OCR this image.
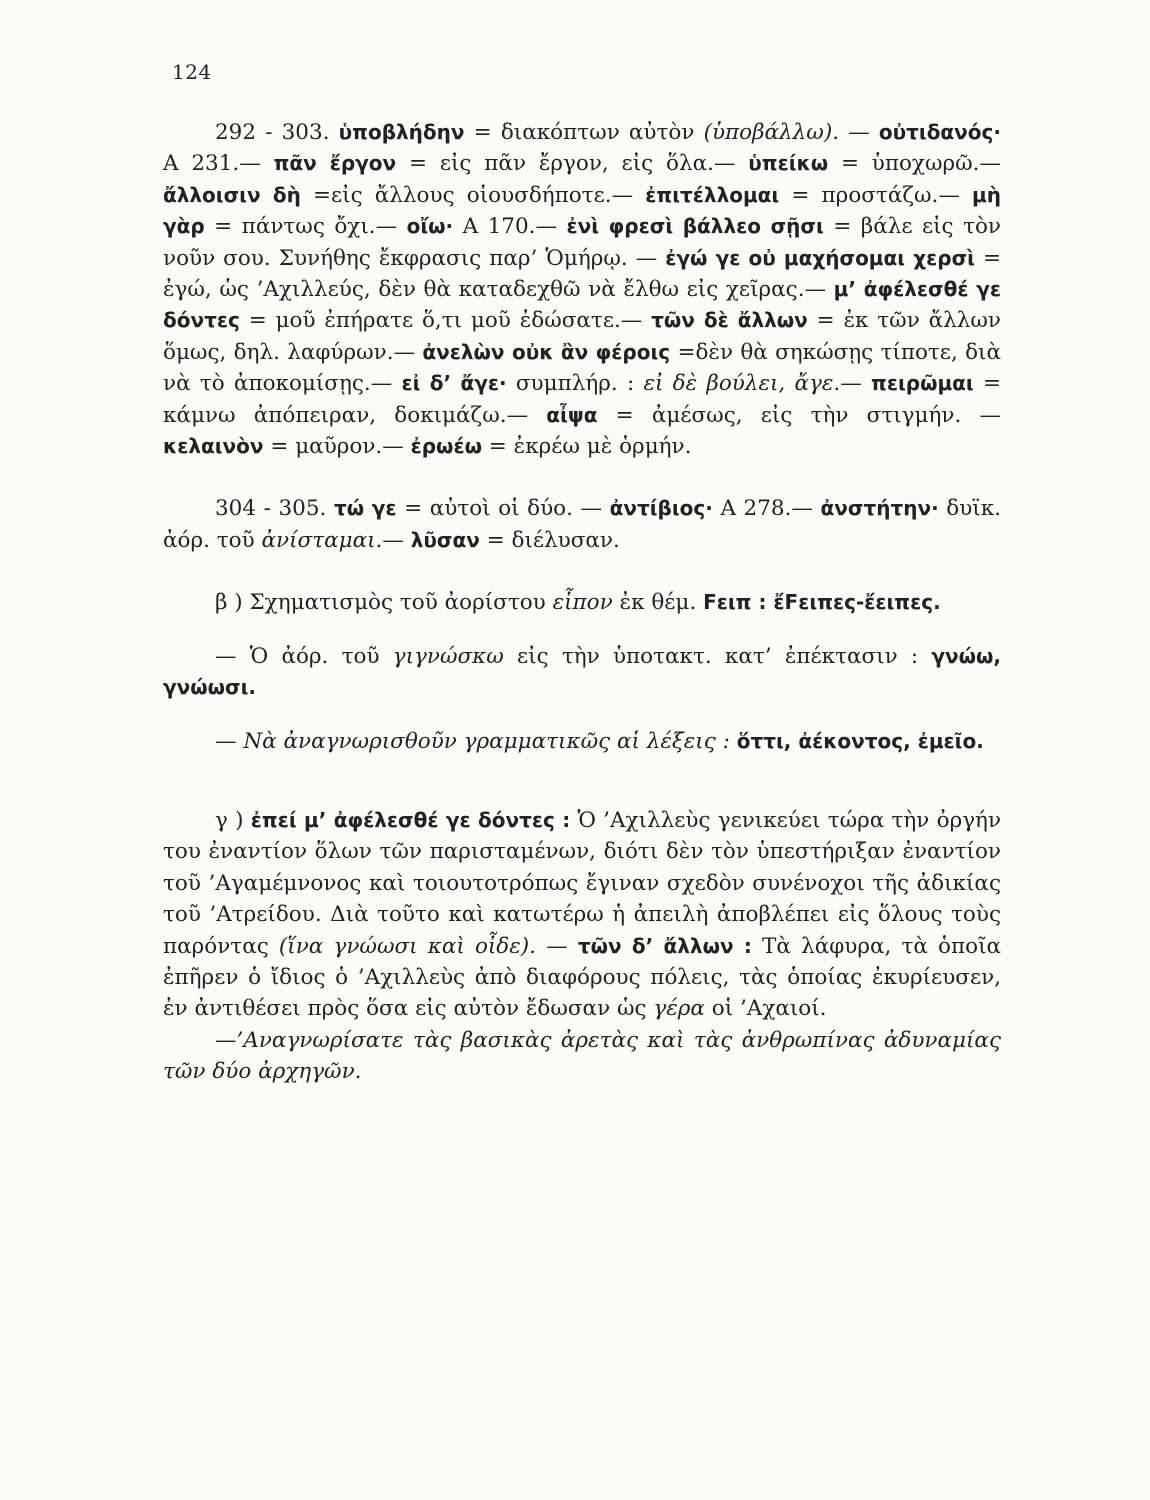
124

292 - 303. ὑποβλήδην = διακόπτων αὐτὸν (ὑποβάλλω). — οὐτιδανός· Α 231.— πᾶν ἔργον = εἰς πᾶν ἔργον, εἰς ὅλα.— ὑπείκω = ὑποχωρῶ.— ἄλλοισιν δὴ =εἰς ἄλλους οἱουσδήποτε.— ἐπιτέλλομαι = προστάζω.— μὴ γὰρ = πάντως ὄχι.— οἴω· Α 170.— ἐνὶ φρεσὶ βάλλεο σῇσι = βάλε εἰς τὸν νοῦν σου. Συνήθης ἔκφρασις παρ’ Ὁμήρῳ. — ἐγώ γε οὐ μαχήσομαι χερσὶ = ἐγώ, ὡς ’Αχιλλεύς, δὲν θὰ καταδεχθῶ νὰ ἔλθω εἰς χεῖρας.— μ’ ἀφέλεσθέ γε δόντες = μοῦ ἐπήρατε ὅ,τι μοῦ ἐδώσατε.— τῶν δὲ ἄλλων = ἐκ τῶν ἄλλων ὅμως, δηλ. λαφύρων.— ἀνελὼν οὐκ ἂν φέροις =δὲν θὰ σηκώσῃς τίποτε, διὰ νὰ τὸ ἀποκομίσῃς.— εἰ δ’ ἄγε· συμπλήρ. : εἰ δὲ βούλει, ἄγε.— πειρῶμαι = κάμνω ἀπόπειραν, δοκιμάζω.— αἶψα = ἀμέσως, εἰς τὴν στιγμήν. — κελαινὸν = μαῦρον.— ἐρωέω = ἐκρέω μὲ ὁρμήν.

304 - 305. τώ γε = αὐτοὶ οἱ δύο. — ἀντίβιος· Α 278.— ἀνστήτην· δυϊκ. ἀόρ. τοῦ ἀνίσταμαι.— λῦσαν = διέλυσαν.

β ) Σχηματισμὸς τοῦ ἀορίστου εἶπον ἐκ θέμ. Fειπ : ἔFειπες-ἔειπες.

— Ὁ ἀόρ. τοῦ γιγνώσκω εἰς τὴν ὑποτακτ. κατ’ ἐπέκτασιν : γνώω, γνώωσι.

— Νὰ ἀναγνωρισθοῦν γραμματικῶς αἱ λέξεις : ὅττι, ἀέκοντος, ἐμεῖο.

γ ) ἐπεί μ’ ἀφέλεσθέ γε δόντες : Ὁ ’Αχιλλεὺς γενικεύει τώρα τὴν ὀργήν του ἐναντίον ὅλων τῶν παρισταμένων, διότι δὲν τὸν ὑπεστήριξαν ἐναντίον τοῦ ’Αγαμέμνονος καὶ τοιουτοτρόπως ἔγιναν σχεδὸν συνένοχοι τῆς ἀδικίας τοῦ ’Ατρείδου. Διὰ τοῦτο καὶ κατωτέρω ἡ ἀπειλὴ ἀποβλέπει εἰς ὅλους τοὺς παρόντας (ἵνα γνώωσι καὶ οἶδε). — τῶν δ’ ἄλλων : Τὰ λάφυρα, τὰ ὁποῖα ἐπῆρεν ὁ ἴδιος ὁ ’Αχιλλεὺς ἀπὸ διαφόρους πόλεις, τὰς ὁποίας ἐκυρίευσεν, ἐν ἀντιθέσει πρὸς ὅσα εἰς αὐτὸν ἔδωσαν ὡς γέρα οἱ ’Αχαιοί.

—’Αναγνωρίσατε τὰς βασικὰς ἀρετὰς καὶ τὰς ἀνθρωπίνας ἀδυναμίας τῶν δύο ἀρχηγῶν.
